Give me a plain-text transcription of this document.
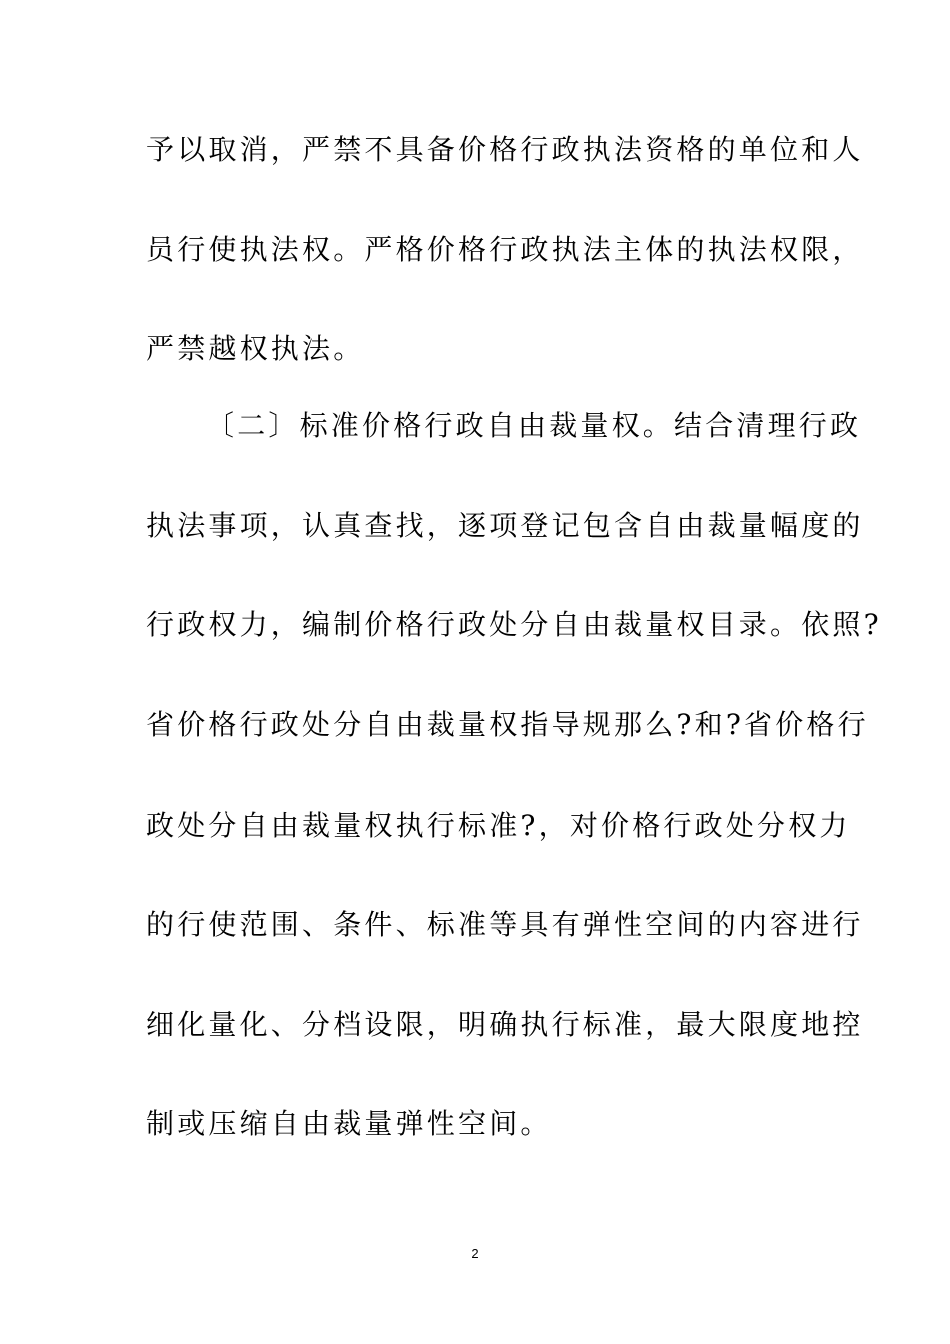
予以取消，严禁不具备价格行政执法资格的单位和人
员行使执法权。严格价格行政执法主体的执法权限，
严禁越权执法。
〔二〕标准价格行政自由裁量权。结合清理行政
执法事项，认真查找，逐项登记包含自由裁量幅度的
行政权力，编制价格行政处分自由裁量权目录。依照?
省价格行政处分自由裁量权指导规那么?和?省价格行
政处分自由裁量权执行标准?，对价格行政处分权力
的行使范围、条件、标准等具有弹性空间的内容进行
细化量化、分档设限，明确执行标准，最大限度地控
制或压缩自由裁量弹性空间。
2
